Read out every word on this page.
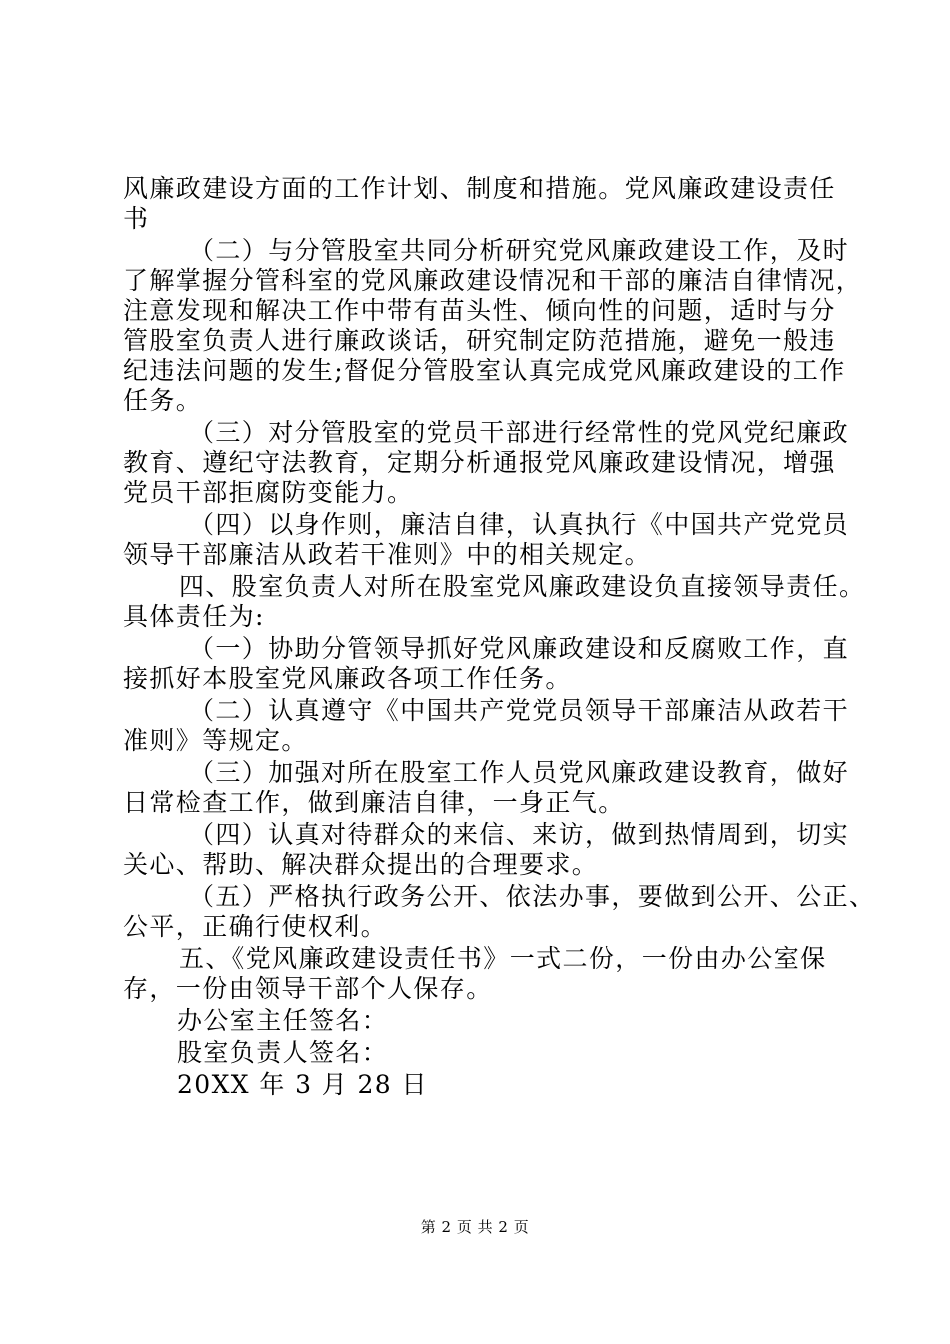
风廉政建设方面的工作计划、制度和措施。党风廉政建设责任
书
（二）与分管股室共同分析研究党风廉政建设工作，及时
了解掌握分管科室的党风廉政建设情况和干部的廉洁自律情况，
注意发现和解决工作中带有苗头性、倾向性的问题，适时与分
管股室负责人进行廉政谈话，研究制定防范措施，避免一般违
纪违法问题的发生;督促分管股室认真完成党风廉政建设的工作
任务。
（三）对分管股室的党员干部进行经常性的党风党纪廉政
教育、遵纪守法教育，定期分析通报党风廉政建设情况，增强
党员干部拒腐防变能力。
（四）以身作则，廉洁自律，认真执行《中国共产党党员
领导干部廉洁从政若干准则》中的相关规定。
四、股室负责人对所在股室党风廉政建设负直接领导责任。
具体责任为:
（一）协助分管领导抓好党风廉政建设和反腐败工作，直
接抓好本股室党风廉政各项工作任务。
（二）认真遵守《中国共产党党员领导干部廉洁从政若干
准则》等规定。
（三）加强对所在股室工作人员党风廉政建设教育，做好
日常检查工作，做到廉洁自律，一身正气。
（四）认真对待群众的来信、来访，做到热情周到，切实
关心、帮助、解决群众提出的合理要求。
（五）严格执行政务公开、依法办事，要做到公开、公正、
公平，正确行使权利。
五、《党风廉政建设责任书》一式二份，一份由办公室保
存，一份由领导干部个人保存。
办公室主任签名：
股室负责人签名：
20XX 年 3 月 28 日
第 2 页 共 2 页
